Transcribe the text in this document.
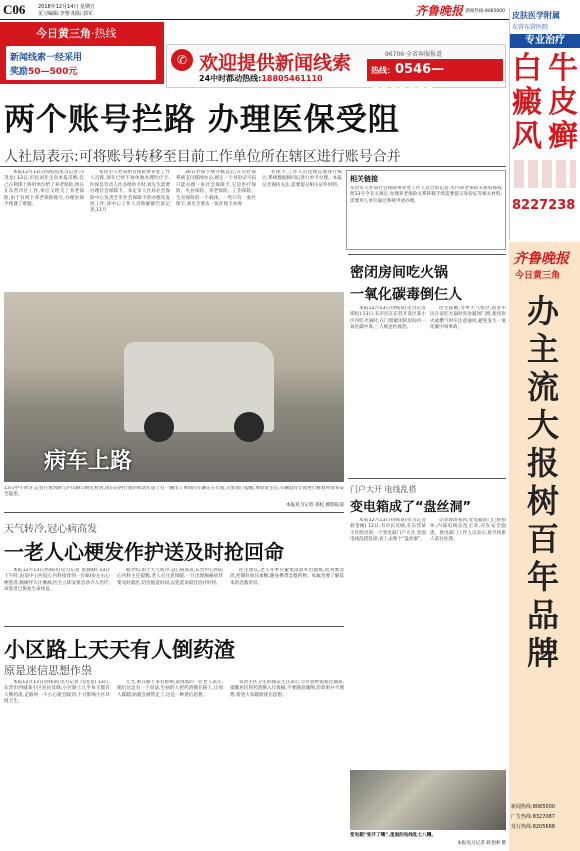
C06	2018年12月14日 星期五
见习编辑:李黎 组版:郭军	齐鲁晚报 新闻热线:8065000
今日黄三角·热线
新闻线索一经采用
奖励50—500元
✆ 欢迎提供新闻线索
24中时都动热线:18805461110
96706·全省客服报道
热线：0546—8065000
皮肤医学附属
东营东营医院
专业治疗
白
癜
风
牛
皮
癣
8227238
两个账号拦路 办理医保受阻
人社局表示:可将账号转移至目前工作单位所在辖区进行账号合并

本报12月13日热线讯(见习记者 闫茂龙) 13日,市民刘先生向本报反映,自己在利津上班时单位给了养老保险,现在在东营市区工作,单位又给交了养老保险,由于有两个养老保险账号,办理医保手续遇了难题。

家住市人社局附近保险事业处工作人员称,现在已经不再单独办理医疗卡,医保是劳动人社办理单卡时,刘先生需要办理社会保障卡。本定市人社局社会保险中心负责全市社会保障卡的办理及发放工作,该中心工作人员称静静告诉记者,11月

30日社保卡统升级以后,在有社保系统支付联网办公,规定一个身份证号码只能办理一张社会保障卡,它是医疗保险、失业保险、养老保险、工伤保险、生育保险的一个载体。一些只有一张社保卡,刘先生要去一张社保卡办理

社保卡,工作人员也建议他进行统计,系统数据相同后进行单卡办理。本报记者保持关注,需要提交相关证件材料。

相关链接
东营市人社局社会保障事业处工作人员告诉记者,市内养老保险关系转移按照13号令有关规定,办理养老保险关系转移手续需要提交身份证等相关材料,需要用人单位通过系统申请办理。
病车上路
13日中午时分,记者在黄河路与庐山路口附近看到,由东向西行驶的机动车道上有一辆出了事故的车辆正在行驶,交警部门提醒,事故发生后,车辆没有牢固进行修复将带来安全隐患。
本报见习记者 邢松 摄影报道
天气转冷,冠心病高发
一老人心梗发作护送及时抢回命

本报12月13日热线讯(见习记者 张静静) 13日上午时,由前中心医院心内科接诊到一位60岁左右心梗患者,胸痛伴大汗淋漓,医生立即安排急诊介入治疗,该患者已恢复生命体征。

据介绍,由于天气转冷,冠心病高发,东营中心医院心内科主任提醒,老人应注意保暖,一旦出现胸痛症状要及时就医,切勿拖延时间,以免延误最佳治疗时机。

医生建议,老人冬季应避免清晨外出锻炼,饮食要清淡,控制好血压血糖,随身携带急救药物。家属也要了解基本的急救常识。

小区路上天天有人倒药渣
原是迷信思想作祟

本报12月13日热线讯(见习记者 闫茂龙) 13日,东营市西城某小区居民反映,小区路上几乎每天都有人倒药渣,走路时一不小心就会踩到,十分影响小区环境卫生。

儿光,难在路上多有影响,说到底的一位老人表示,他们这边有一个说法,生病的人把药渣倒在路上,让别人踩踏,病就会被带走了,这是一种迷信思想。

负责小区卫生的保安主任表示,小区曾经张贴过通知,提醒居民将药渣倒入垃圾桶,不要随意倾倒,但效果并不理想,希望大家破除迷信思想。

密闭房间吃火锅
一氧化碳毒倒仨人

本报12月13日热线讯(见习记者 邢松) 13日,有市民在东营开发区某小区内吃火锅时,在门窗紧闭的房间内一氧化碳中毒,三人被送医救治。

医生提醒,冬季天气寒冷,很多市民在家吃火锅时喜欢紧闭门窗,使用炭火或燃气时应注意通风,避免发生一氧化碳中毒事故。

门户大开 电线乱搭
变电箱成了“盘丝洞”

本报12月13日热线讯(见习记者 聂金刚) 12日,有市民反映,在东营某小区附近的一个变电箱门户大开,里面电线乱搭乱接,看上去像个“盘丝洞”。

记者现场看到,变电箱的门已经损坏,内部电线杂乱无章,存在安全隐患。供电部门工作人员表示,将尽快派人前往处理。

变电箱“张开了嘴”,里面的电线乱七八糟。
本报见习记者 聂金刚 摄
齐鲁晚报
今日黄三角
办主流大报树百年品牌
新闻热线:8065000
广告热线:8327087
发行热线:8205668
